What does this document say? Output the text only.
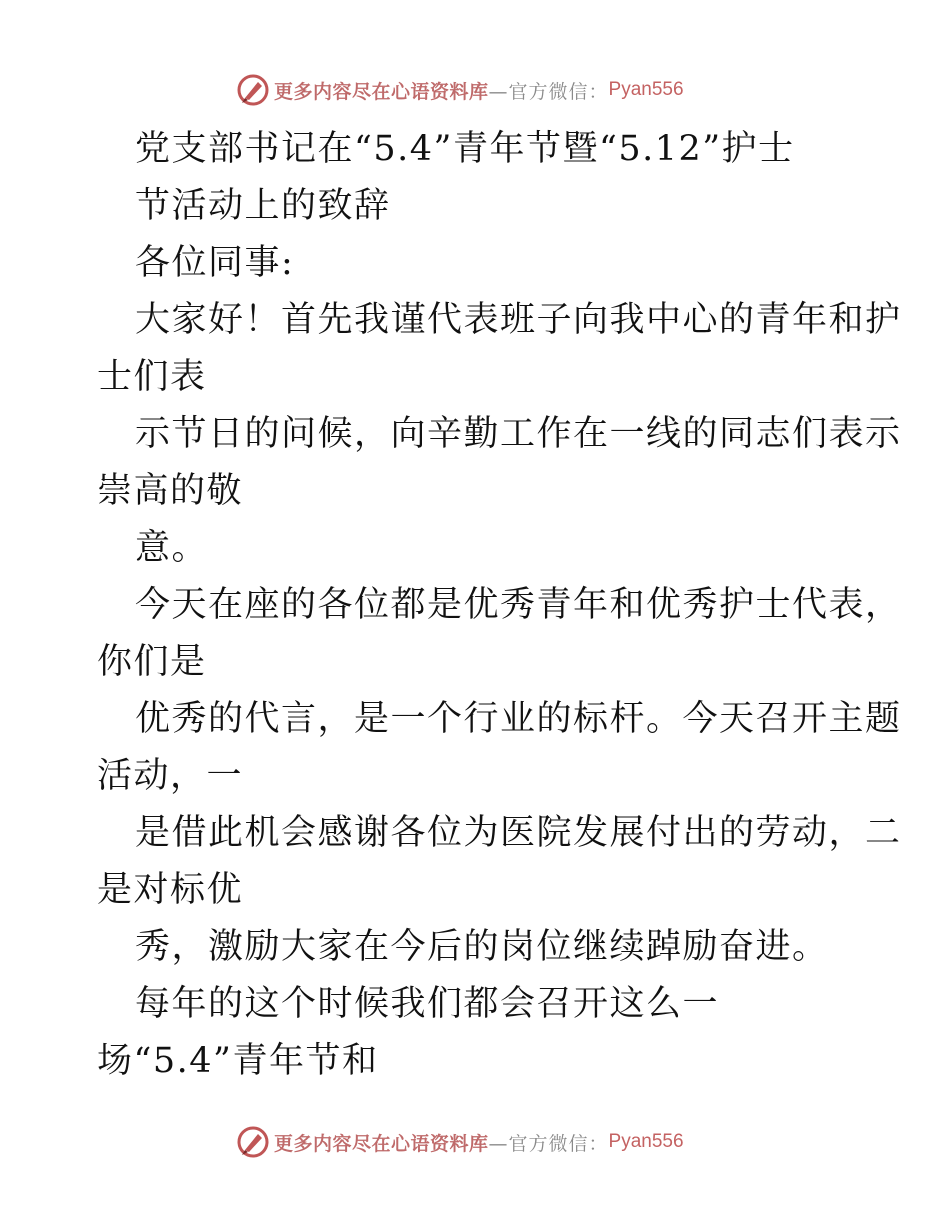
更多内容尽在心语资料库 —官方微信： Pyan556
党支部书记在“5.4”青年节暨“5.12”护士
节活动上的致辞
各位同事:
大家好！首先我谨代表班子向我中心的青年和护
士们表
示节日的问候，向辛勤工作在一线的同志们表示
崇高的敬
意。
今天在座的各位都是优秀青年和优秀护士代表，
你们是
优秀的代言，是一个行业的标杆。今天召开主题
活动，一
是借此机会感谢各位为医院发展付出的劳动，二
是对标优
秀，激励大家在今后的岗位继续踔励奋进。
每年的这个时候我们都会召开这么一
场“5.4”青年节和
更多内容尽在心语资料库 —官方微信： Pyan556
